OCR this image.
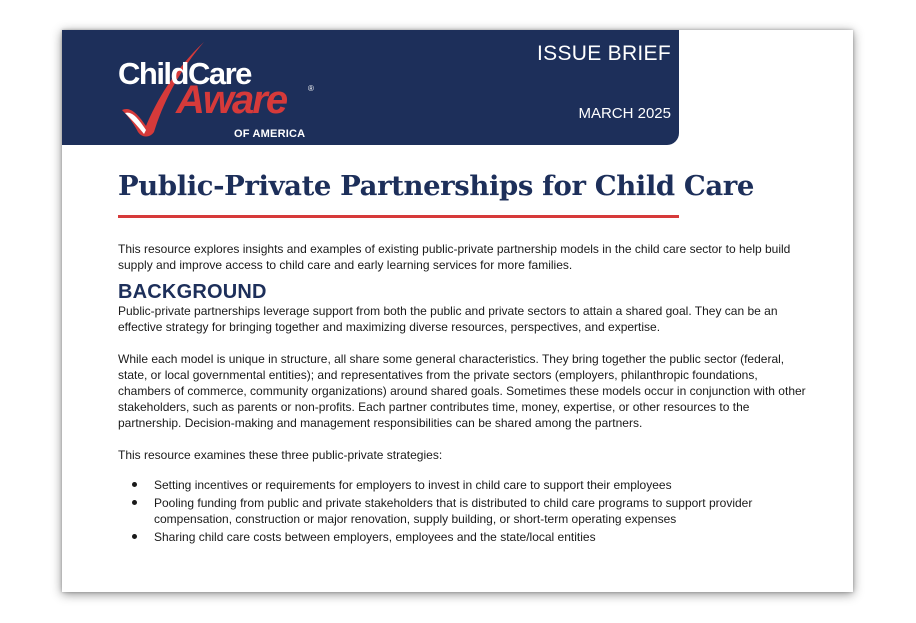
ChildCare
Aware	®
OF AMERICA
ISSUE BRIEF
MARCH 2025
Public-Private Partnerships for Child Care

This resource explores insights and examples of existing public-private partnership models in the child care sector to help build supply and improve access to child care and early learning services for more families.

BACKGROUND

Public-private partnerships leverage support from both the public and private sectors to attain a shared goal. They can be an effective strategy for bringing together and maximizing diverse resources, perspectives, and expertise.

While each model is unique in structure, all share some general characteristics. They bring together the public sector (federal, state, or local governmental entities); and representatives from the private sectors (employers, philanthropic foundations, chambers of commerce, community organizations) around shared goals. Sometimes these models occur in conjunction with other stakeholders, such as parents or non-profits. Each partner contributes time, money, expertise, or other resources to the partnership. Decision-making and management responsibilities can be shared among the partners.

This resource examines these three public-private strategies:

Setting incentives or requirements for employers to invest in child care to support their employees
Pooling funding from public and private stakeholders that is distributed to child care programs to support provider compensation, construction or major renovation, supply building, or short-term operating expenses
Sharing child care costs between employers, employees and the state/local entities
